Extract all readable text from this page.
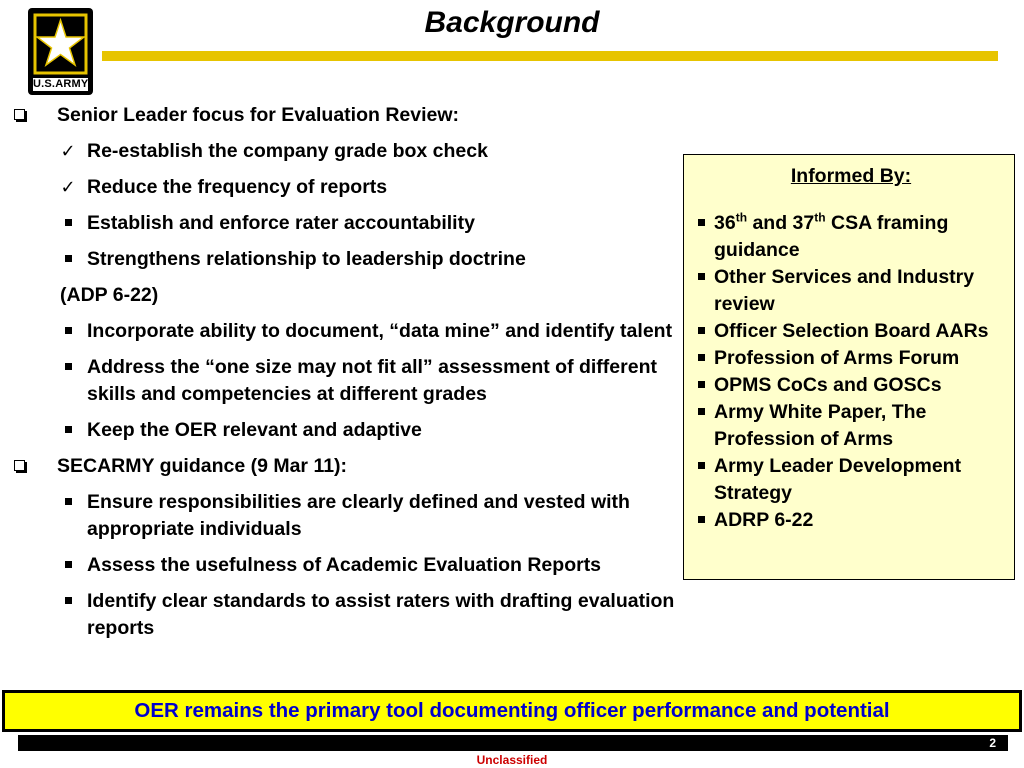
U.S.ARMY
Background
Senior Leader focus for Evaluation Review:
✓ Re-establish the company grade box check
✓ Reduce the frequency of reports
Establish and enforce rater accountability
Strengthens relationship to leadership doctrine
(ADP 6-22)
Incorporate ability to document, “data mine” and identify talent
Address the “one size may not fit all” assessment of different skills and competencies at different grades
Keep the OER relevant and adaptive
SECARMY guidance (9 Mar 11):
Ensure responsibilities are clearly defined and vested with appropriate individuals
Assess the usefulness of Academic Evaluation Reports
Identify clear standards to assist raters with drafting evaluation reports
Informed By:
36th and 37th CSA framing guidance
Other Services and Industry review
Officer Selection Board AARs
Profession of Arms Forum
OPMS CoCs and GOSCs
Army White Paper, The Profession of Arms
Army Leader Development Strategy
ADRP 6-22
OER remains the primary tool documenting officer performance and potential
2
Unclassified
